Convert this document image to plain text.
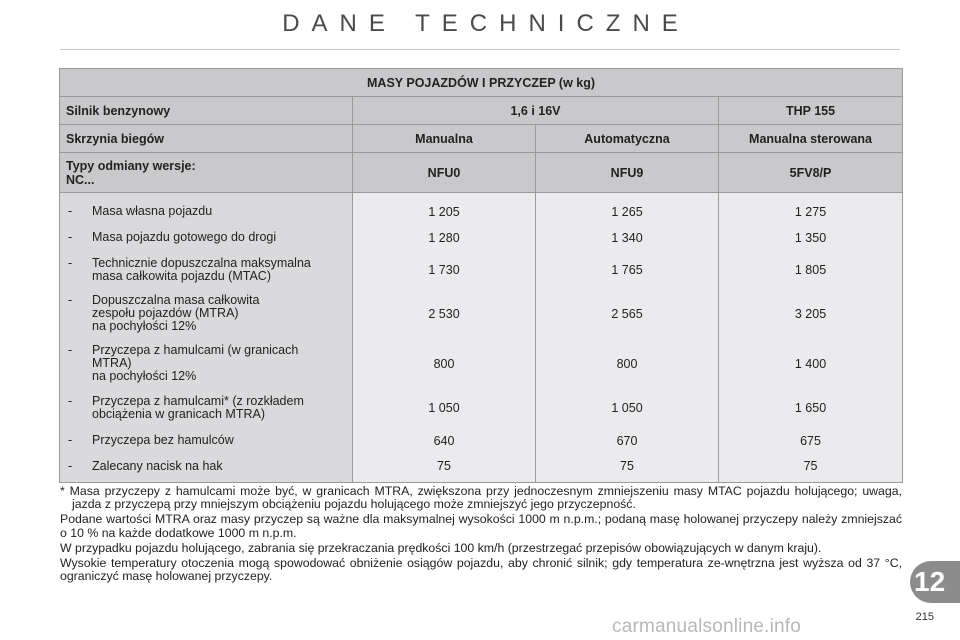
DANE TECHNICZNE
MASY POJAZDÓW I PRZYCZEP (w kg)			
Silnik benzynowy	1,6 i 16V		THP 155
Skrzynia biegów	Manualna	Automatyczna	Manualna sterowana

Typy odmiany wersje:
NC...	NFU0	NFU9	5FV8/P

- Masa własna pojazdu	1 205	1 265	1 275

- Masa pojazdu gotowego do drogi	1 280	1 340	1 350

- Technicznie dopuszczalna maksymalna
masa całkowita pojazdu (MTAC)	1 730	1 765	1 805

- Dopuszczalna masa całkowita
zespołu pojazdów (MTRA)
na pochyłości 12%	2 530	2 565	3 205

- Przyczepa z hamulcami (w granicach
MTRA)
na pochyłości 12%	800	800	1 400

- Przyczepa z hamulcami* (z rozkładem
obciążenia w granicach MTRA)	1 050	1 050	1 650

- Przyczepa bez hamulców	640	670	675

- Zalecany nacisk na hak	75	75	75

* Masa przyczepy z hamulcami może być, w granicach MTRA, zwiększona przy jednoczesnym zmniejszeniu masy MTAC pojazdu holującego; uwaga, jazda z przyczepą przy mniejszym obciążeniu pojazdu holującego może zmniejszyć jego przyczepność.

Podane wartości MTRA oraz masy przyczep są ważne dla maksymalnej wysokości 1000 m n.p.m.; podaną masę holowanej przyczepy należy zmniejszać o 10 % na każde dodatkowe 1000 m n.p.m.

W przypadku pojazdu holującego, zabrania się przekraczania prędkości 100 km/h (przestrzegać przepisów obowiązujących w danym kraju).

Wysokie temperatury otoczenia mogą spowodować obniżenie osiągów pojazdu, aby chronić silnik; gdy temperatura ze-wnętrzna jest wyższa od 37 °C, ograniczyć masę holowanej przyczepy.	12
215
carmanualsonline.info
